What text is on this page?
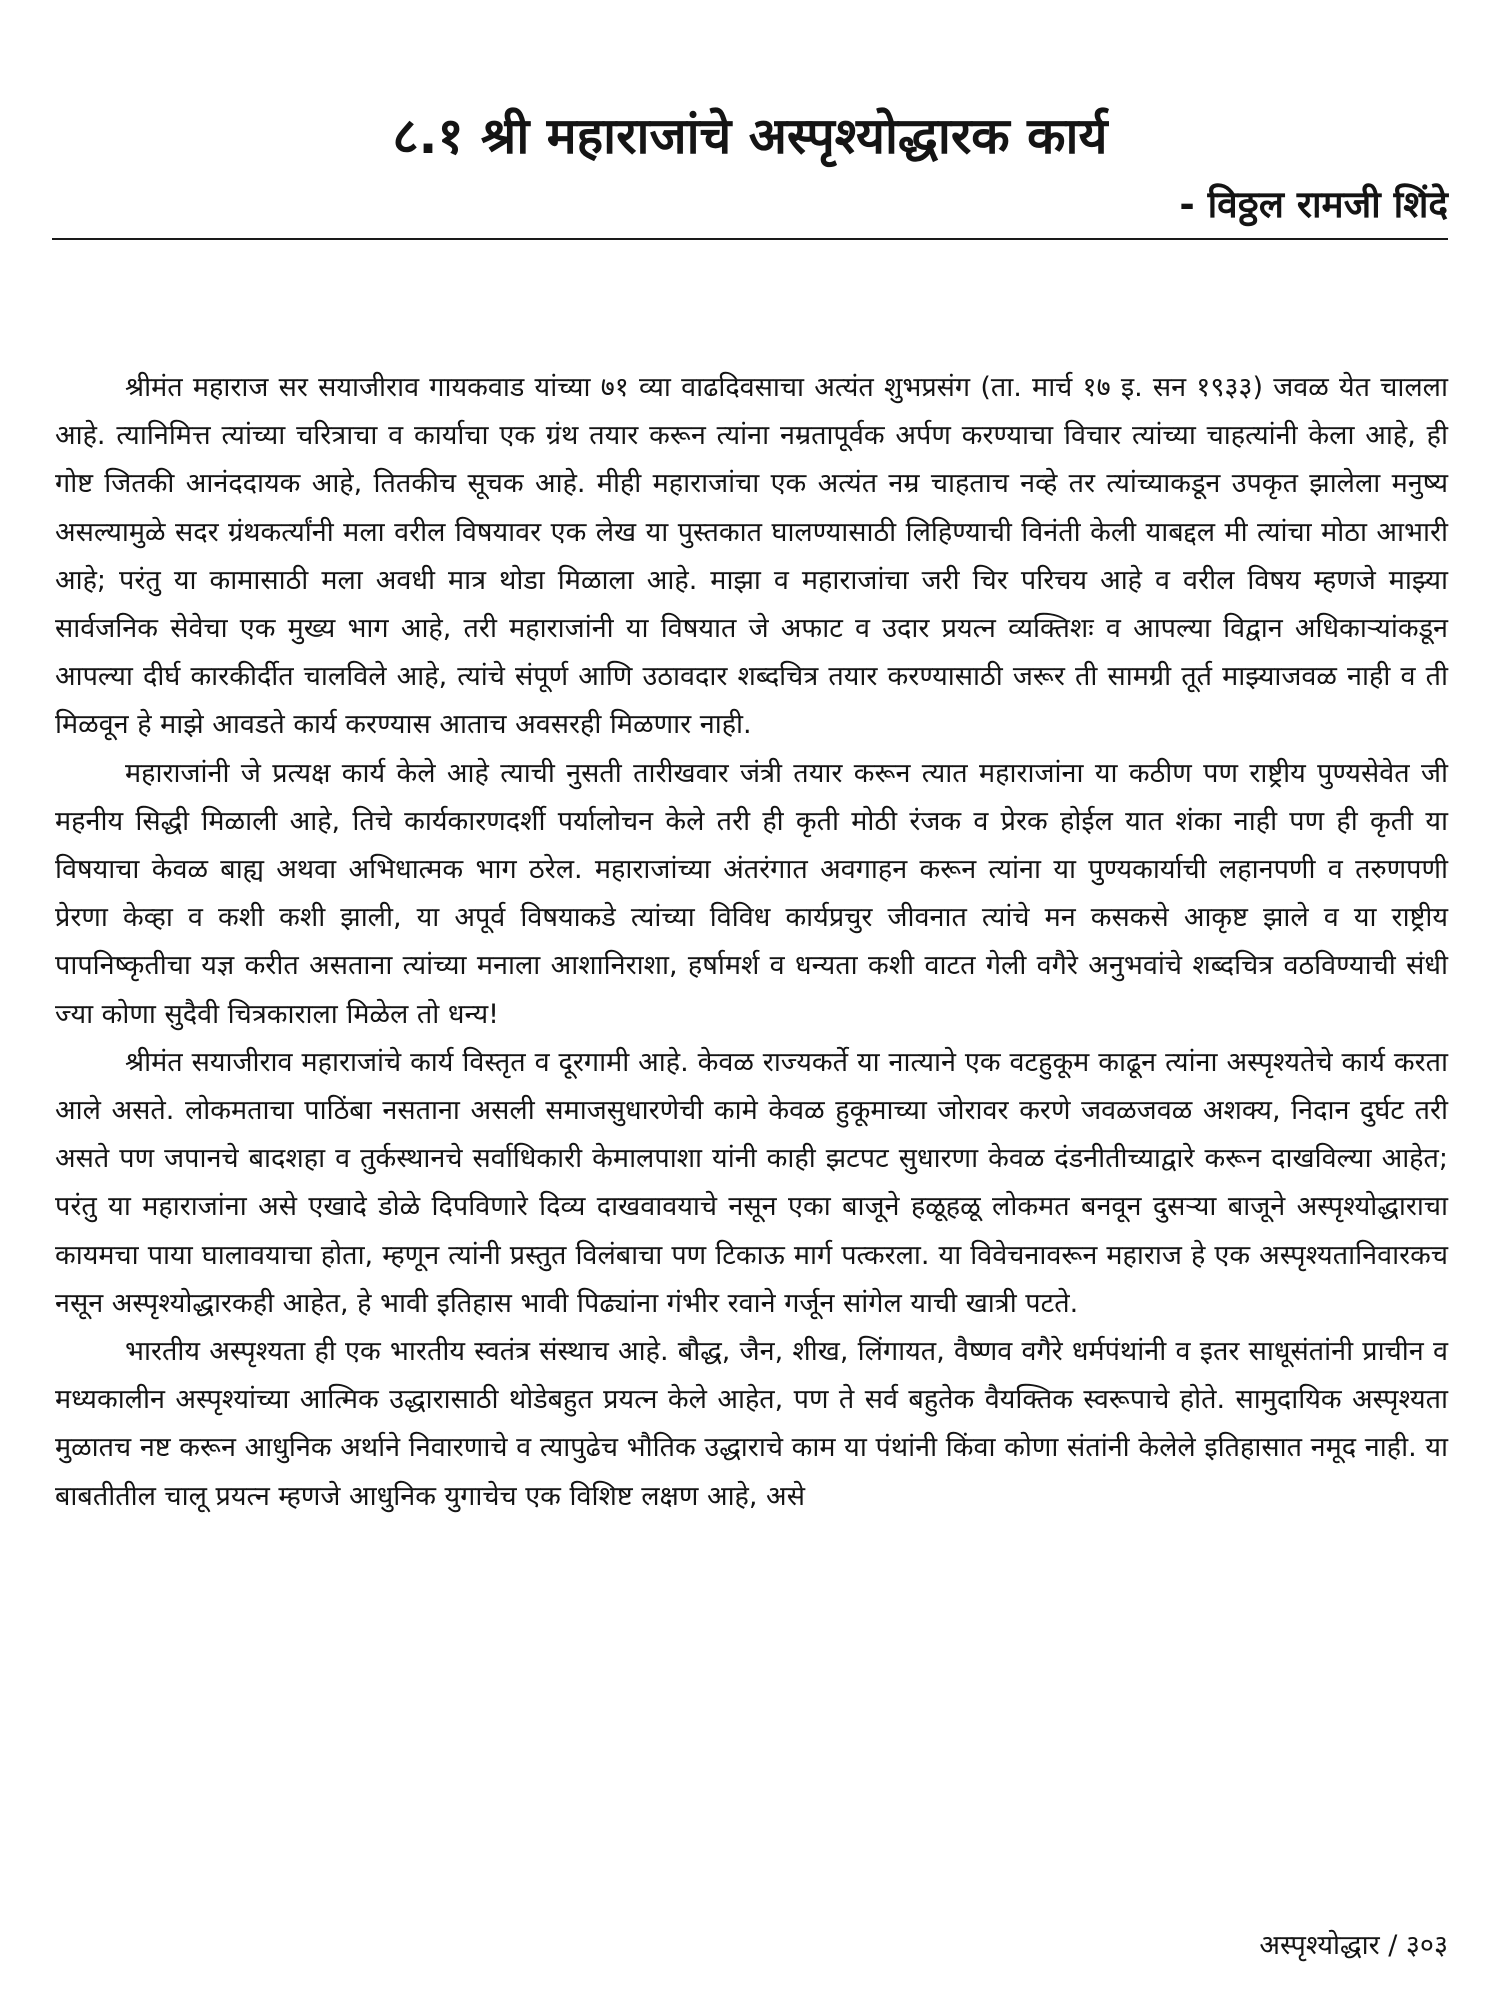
८.१ श्री महाराजांचे अस्पृश्योद्धारक कार्य
- विठ्ठल रामजी शिंदे

श्रीमंत महाराज सर सयाजीराव गायकवाड यांच्या ७१ व्या वाढदिवसाचा अत्यंत शुभप्रसंग (ता. मार्च १७ इ. सन १९३३) जवळ येत चालला आहे. त्यानिमित्त त्यांच्या चरित्राचा व कार्याचा एक ग्रंथ तयार करून त्यांना नम्रतापूर्वक अर्पण करण्याचा विचार त्यांच्या चाहत्यांनी केला आहे, ही गोष्ट जितकी आनंददायक आहे, तितकीच सूचक आहे. मीही महाराजांचा एक अत्यंत नम्र चाहताच नव्हे तर त्यांच्याकडून उपकृत झालेला मनुष्य असल्यामुळे सदर ग्रंथकर्त्यांनी मला वरील विषयावर एक लेख या पुस्तकात घालण्यासाठी लिहिण्याची विनंती केली याबद्दल मी त्यांचा मोठा आभारी आहे; परंतु या कामासाठी मला अवधी मात्र थोडा मिळाला आहे. माझा व महाराजांचा जरी चिर परिचय आहे व वरील विषय म्हणजे माझ्या सार्वजनिक सेवेचा एक मुख्य भाग आहे, तरी महाराजांनी या विषयात जे अफाट व उदार प्रयत्न व्यक्तिशः व आपल्या विद्वान अधिकाऱ्यांकडून आपल्या दीर्घ कारकीर्दीत चालविले आहे, त्यांचे संपूर्ण आणि उठावदार शब्दचित्र तयार करण्यासाठी जरूर ती सामग्री तूर्त माझ्याजवळ नाही व ती मिळवून हे माझे आवडते कार्य करण्यास आताच अवसरही मिळणार नाही.

महाराजांनी जे प्रत्यक्ष कार्य केले आहे त्याची नुसती तारीखवार जंत्री तयार करून त्यात महाराजांना या कठीण पण राष्ट्रीय पुण्यसेवेत जी महनीय सिद्धी मिळाली आहे, तिचे कार्यकारणदर्शी पर्यालोचन केले तरी ही कृती मोठी रंजक व प्रेरक होईल यात शंका नाही पण ही कृती या विषयाचा केवळ बाह्य अथवा अभिधात्मक भाग ठरेल. महाराजांच्या अंतरंगात अवगाहन करून त्यांना या पुण्यकार्याची लहानपणी व तरुणपणी प्रेरणा केव्हा व कशी कशी झाली, या अपूर्व विषयाकडे त्यांच्या विविध कार्यप्रचुर जीवनात त्यांचे मन कसकसे आकृष्ट झाले व या राष्ट्रीय पापनिष्कृतीचा यज्ञ करीत असताना त्यांच्या मनाला आशानिराशा, हर्षामर्श व धन्यता कशी वाटत गेली वगैरे अनुभवांचे शब्दचित्र वठविण्याची संधी ज्या कोणा सुदैवी चित्रकाराला मिळेल तो धन्य!

श्रीमंत सयाजीराव महाराजांचे कार्य विस्तृत व दूरगामी आहे. केवळ राज्यकर्ते या नात्याने एक वटहुकूम काढून त्यांना अस्पृश्यतेचे कार्य करता आले असते. लोकमताचा पाठिंबा नसताना असली समाजसुधारणेची कामे केवळ हुकूमाच्या जोरावर करणे जवळजवळ अशक्य, निदान दुर्घट तरी असते पण जपानचे बादशहा व तुर्कस्थानचे सर्वाधिकारी केमालपाशा यांनी काही झटपट सुधारणा केवळ दंडनीतीच्याद्वारे करून दाखविल्या आहेत; परंतु या महाराजांना असे एखादे डोळे दिपविणारे दिव्य दाखवावयाचे नसून एका बाजूने हळूहळू लोकमत बनवून दुसऱ्या बाजूने अस्पृश्योद्धाराचा कायमचा पाया घालावयाचा होता, म्हणून त्यांनी प्रस्तुत विलंबाचा पण टिकाऊ मार्ग पत्करला. या विवेचनावरून महाराज हे एक अस्पृश्यतानिवारकच नसून अस्पृश्योद्धारकही आहेत, हे भावी इतिहास भावी पिढ्यांना गंभीर रवाने गर्जून सांगेल याची खात्री पटते.

भारतीय अस्पृश्यता ही एक भारतीय स्वतंत्र संस्थाच आहे. बौद्ध, जैन, शीख, लिंगायत, वैष्णव वगैरे धर्मपंथांनी व इतर साधूसंतांनी प्राचीन व मध्यकालीन अस्पृश्यांच्या आत्मिक उद्धारासाठी थोडेबहुत प्रयत्न केले आहेत, पण ते सर्व बहुतेक वैयक्तिक स्वरूपाचे होते. सामुदायिक अस्पृश्यता मुळातच नष्ट करून आधुनिक अर्थाने निवारणाचे व त्यापुढेच भौतिक उद्धाराचे काम या पंथांनी किंवा कोणा संतांनी केलेले इतिहासात नमूद नाही. या बाबतीतील चालू प्रयत्न म्हणजे आधुनिक युगाचेच एक विशिष्ट लक्षण आहे, असे

अस्पृश्योद्धार / ३०३
